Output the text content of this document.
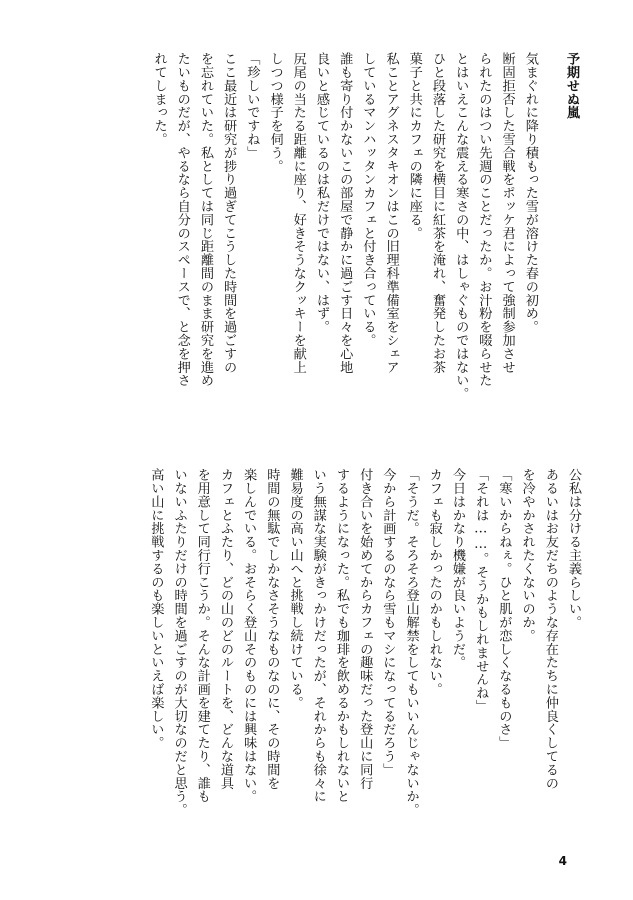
予期せぬ嵐
気まぐれに降り積もった雪が溶けた春の初め。
断固拒否した雪合戦をポッケ君によって強制参加させ
られたのはつい先週のことだったか。お汁粉を啜らせた
とはいえこんな震える寒さの中、はしゃぐものではない。
ひと段落した研究を横目に紅茶を淹れ、奮発したお茶
菓子と共にカフェの隣に座る。
私ことアグネスタキオンはこの旧理科準備室をシェア
しているマンハッタンカフェと付き合っている。
誰も寄り付かないこの部屋で静かに過ごす日々を心地
良いと感じているのは私だけではない、はず。
尻尾の当たる距離に座り、好きそうなクッキーを献上
しつつ様子を伺う。
「珍しいですね」
ここ最近は研究が捗り過ぎてこうした時間を過ごすの
を忘れていた。私としては同じ距離間のまま研究を進め
たいものだが、やるなら自分のスペースで、と念を押さ
れてしまった。
公私は分ける主義らしい。
あるいはお友だちのような存在たちに仲良くしてるの
を冷やかされたくないのか。
「寒いからねぇ。ひと肌が恋しくなるものさ」
「それは……。そうかもしれませんね」
今日はかなり機嫌が良いようだ。
カフェも寂しかったのかもしれない。
「そうだ。そろそろ登山解禁をしてもいいんじゃないか。
今から計画するのなら雪もマシになってるだろう」
付き合いを始めてからカフェの趣味だった登山に同行
するようになった。私でも珈琲を飲めるかもしれないと
いう無謀な実験がきっかけだったが、それからも徐々に
難易度の高い山へと挑戦し続けている。
時間の無駄でしかなさそうなものなのに、その時間を
楽しんでいる。おそらく登山そのものには興味はない。
カフェとふたり、どの山のどのルートを、どんな道具
を用意して同行行こうか。そんな計画を建てたり、誰も
いないふたりだけの時間を過ごすのが大切なのだと思う。
高い山に挑戦するのも楽しいといえば楽しい。
4
